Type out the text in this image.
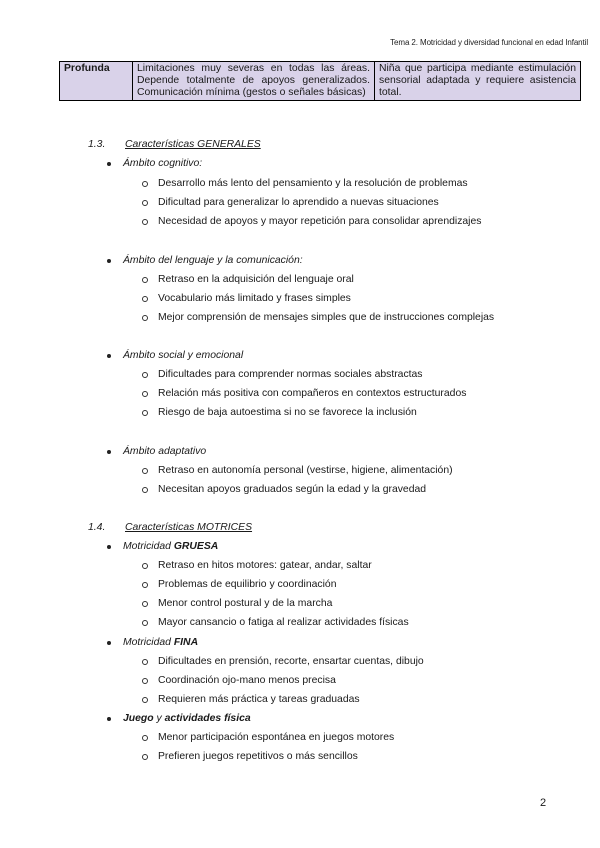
Tema 2. Motricidad y diversidad funcional en edad Infantil
Profunda	Limitaciones muy severas en todas las áreas. Depende totalmente de apoyos generalizados. Comunicación mínima (gestos o señales básicas)	Niña que participa mediante estimulación sensorial adaptada y requiere asistencia total.
1.3. Características GENERALES
Ámbito cognitivo:
Desarrollo más lento del pensamiento y la resolución de problemas
Dificultad para generalizar lo aprendido a nuevas situaciones
Necesidad de apoyos y mayor repetición para consolidar aprendizajes
Ámbito del lenguaje y la comunicación:
Retraso en la adquisición del lenguaje oral
Vocabulario más limitado y frases simples
Mejor comprensión de mensajes simples que de instrucciones complejas
Ámbito social y emocional
Dificultades para comprender normas sociales abstractas
Relación más positiva con compañeros en contextos estructurados
Riesgo de baja autoestima si no se favorece la inclusión
Ámbito adaptativo
Retraso en autonomía personal (vestirse, higiene, alimentación)
Necesitan apoyos graduados según la edad y la gravedad
1.4. Características MOTRICES
Motricidad GRUESA
Retraso en hitos motores: gatear, andar, saltar
Problemas de equilibrio y coordinación
Menor control postural y de la marcha
Mayor cansancio o fatiga al realizar actividades físicas
Motricidad FINA
Dificultades en prensión, recorte, ensartar cuentas, dibujo
Coordinación ojo-mano menos precisa
Requieren más práctica y tareas graduadas
Juego y actividades física
Menor participación espontánea en juegos motores
Prefieren juegos repetitivos o más sencillos
2
